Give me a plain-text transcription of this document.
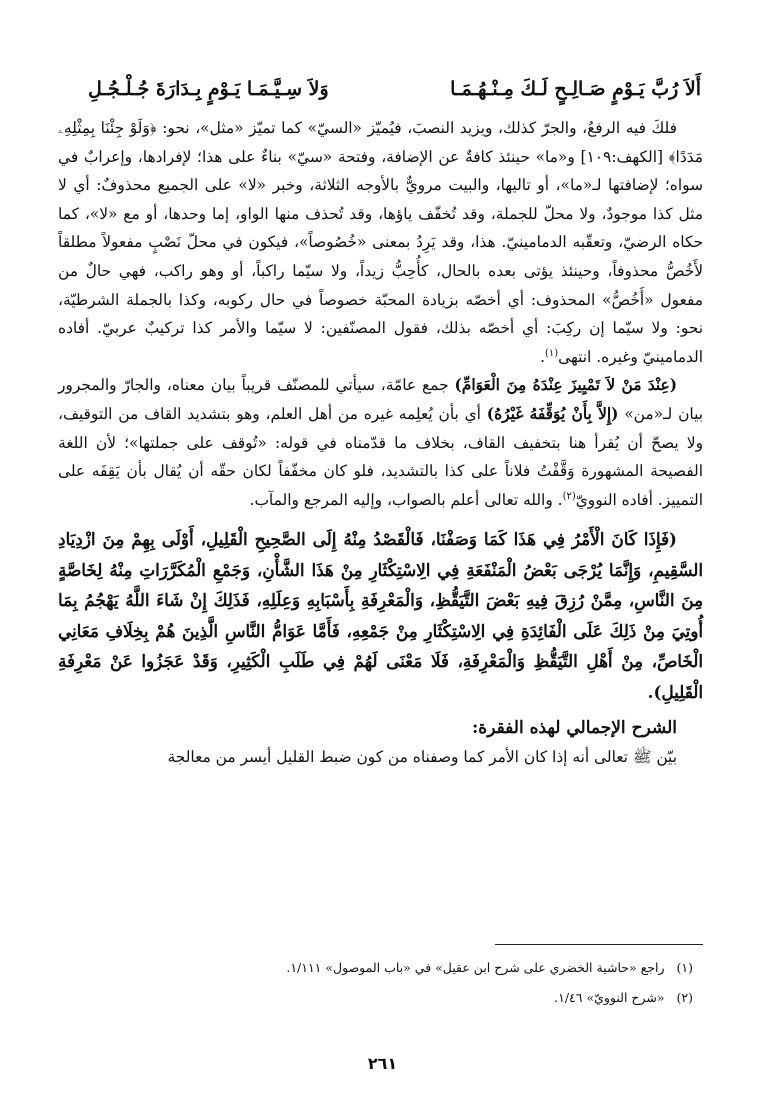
أَلاَ رُبَّ يَـوْمٍ صَـالِـحٍ لَـكَ مِـنْـهُـمَـا
وَلاَ سِـيَّـمَـا يَـوْمٍ بِـدَارَةَ جُـلْـجُـلِ

فلكَ فيه الرفعُ، والجرّ كذلك، ويزيد النصبَ، فيُميّز «السيّ» كما تميّز «مثل»، نحو: ﴿وَلَوْ جِئْنَا بِمِثْلِهِۦ مَدَدًا﴾ [الكهف:١٠٩] و«ما» حينئذ كافةٌ عن الإضافة، وفتحة «سيّ» بناءٌ على هذا؛ لإفرادها، وإعرابٌ في سواه؛ لإضافتها لـ«ما»، أو تاليها، والبيت مرويٌّ بالأوجه الثلاثة، وخبر «لا» على الجميع محذوفٌ: أي لا مثل كذا موجودٌ، ولا محلّ للجملة، وقد تُخفّف ياؤها، وقد تُحذف منها الواو، إما وحدها، أو مع «لا»، كما حكاه الرضيّ، وتعقّبه الدمامينيّ. هذا، وقد يَرِدُ بمعنى «خُصُوصاً»، فيكون في محلّ نَصْبٍ مفعولاً مطلقاً لأَخُصُّ محذوفاً، وحينئذ يؤتى بعده بالحال، كأُحِبُّ زيداً، ولا سيّما راكباً، أو وهو راكب، فهي حالٌ من مفعول «أَخُصُّ» المحذوف: أي أخصّه بزيادة المحبّة خصوصاً في حال ركوبه، وكذا بالجملة الشرطيّة، نحو: ولا سيّما إن ركِبَ: أي أخصّه بذلك، فقول المصنّفين: لا سيّما والأمر كذا تركيبٌ عربيّ. أفاده الدمامينيّ وغيره. انتهى$^{(١)}$.

(عِنْدَ مَنْ لاَ تَمْيِيزَ عِنْدَهُ مِنَ الْعَوَامِّ) جمع عامّة، سيأتي للمصنّف قريباً بيان معناه، والجارّ والمجرور بيان لـ«من» (إِلاَّ بِأَنْ يُوَقِّفَهُ غَيْرُهُ) أي بأن يُعلِمه غيره من أهل العلم، وهو بتشديد القاف من التوقيف، ولا يصحّ أن يُقرأ هنا بتخفيف القاف، بخلاف ما قدّمناه في قوله: «تُوقف على جملتها»؛ لأن اللغة الفصيحة المشهورة وَقَّفْتُ فلاناً على كذا بالتشديد، فلو كان مخفّفاً لكان حقّه أن يُقال بأن يَقِفَه على التمييز. أفاده النوويّ$^{(٢)}$. والله تعالى أعلم بالصواب، وإليه المرجع والمآب.

(فَإِذَا كَانَ الْأَمْرُ فِي هَذَا كَمَا وَصَفْنَا، فَالْقَصْدُ مِنْهُ إِلَى الصَّحِيحِ الْقَلِيلِ، أَوْلَى بِهِمْ مِنَ ازْدِيَادِ السَّقِيمِ، وَإِنَّمَا يُرْجَى بَعْضُ الْمَنْفَعَةِ فِي الِاسْتِكْثَارِ مِنْ هَذَا الشَّأْنِ، وَجَمْعِ الْمُكَرَّرَاتِ مِنْهُ لِخَاصَّةٍ مِنَ النَّاسِ، مِمَّنْ رُزِقَ فِيهِ بَعْضَ التَّيَقُّظِ، وَالْمَعْرِفَةِ بِأَسْبَابِهِ وَعِلَلِهِ، فَذَلِكَ إِنْ شَاءَ اللَّهُ يَهْجُمُ بِمَا أُوتِيَ مِنْ ذَلِكَ عَلَى الْفَائِدَةِ فِي الِاسْتِكْثَارِ مِنْ جَمْعِهِ، فَأَمَّا عَوَامُّ النَّاسِ الَّذِينَ هُمْ بِخِلَافِ مَعَانِي الْخَاصِّ، مِنْ أَهْلِ التَّيَقُّظِ وَالْمَعْرِفَةِ، فَلَا مَعْنَى لَهُمْ فِي طَلَبِ الْكَثِيرِ، وَقَدْ عَجَزُوا عَنْ مَعْرِفَةِ الْقَلِيلِ).

الشرح الإجمالي لهذه الفقرة:

بيّن ﷺ تعالى أنه إذا كان الأمر كما وصفناه من كون ضبط القليل أيسر من معالجة

(١)راجع «حاشية الخضري على شرح ابن عقيل» في «باب الموصول» ١/١١١.
(٢)«شرح النوويّ» ١/٤٦.
٢٦١
